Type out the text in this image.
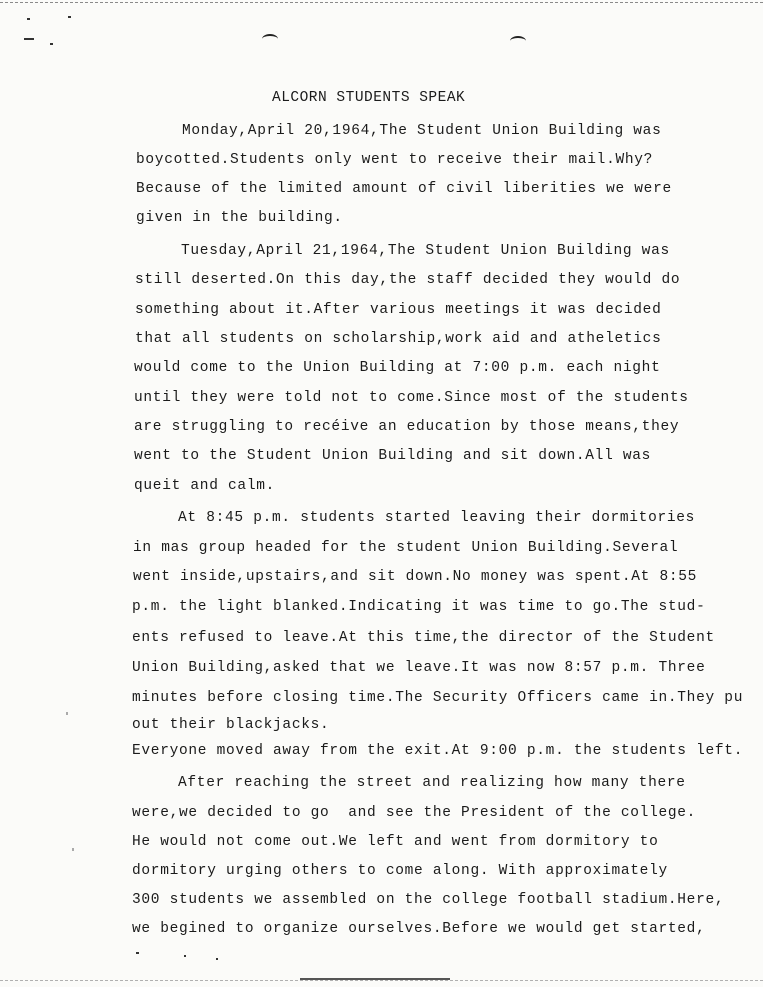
ALCORN STUDENTS SPEAK
Monday,April 20,1964,The Student Union Building was
boycotted.Students only went to receive their mail.Why?
Because of the limited amount of civil liberities we were
given in the building.
Tuesday,April 21,1964,The Student Union Building was
still deserted.On this day,the staff decided they would do
something about it.After various meetings it was decided
that all students on scholarship,work aid and atheletics
would come to the Union Building at 7:00 p.m. each night
until they were told not to come.Since most of the students
are struggling to recéive an education by those means,they
went to the Student Union Building and sit down.All was
queit and calm.
At 8:45 p.m. students started leaving their dormitories
in mas group headed for the student Union Building.Several
went inside,upstairs,and sit down.No money was spent.At 8:55
p.m. the light blanked.Indicating it was time to go.The stud-
ents refused to leave.At this time,the director of the Student
Union Building,asked that we leave.It was now 8:57 p.m. Three
minutes before closing time.The Security Officers came in.They pu
out their blackjacks.
Everyone moved away from the exit.At 9:00 p.m. the students left.
After reaching the street and realizing how many there
were,we decided to go  and see the President of the college.
He would not come out.We left and went from dormitory to
dormitory urging others to come along. With approximately
300 students we assembled on the college football stadium.Here,
we begined to organize ourselves.Before we would get started,
